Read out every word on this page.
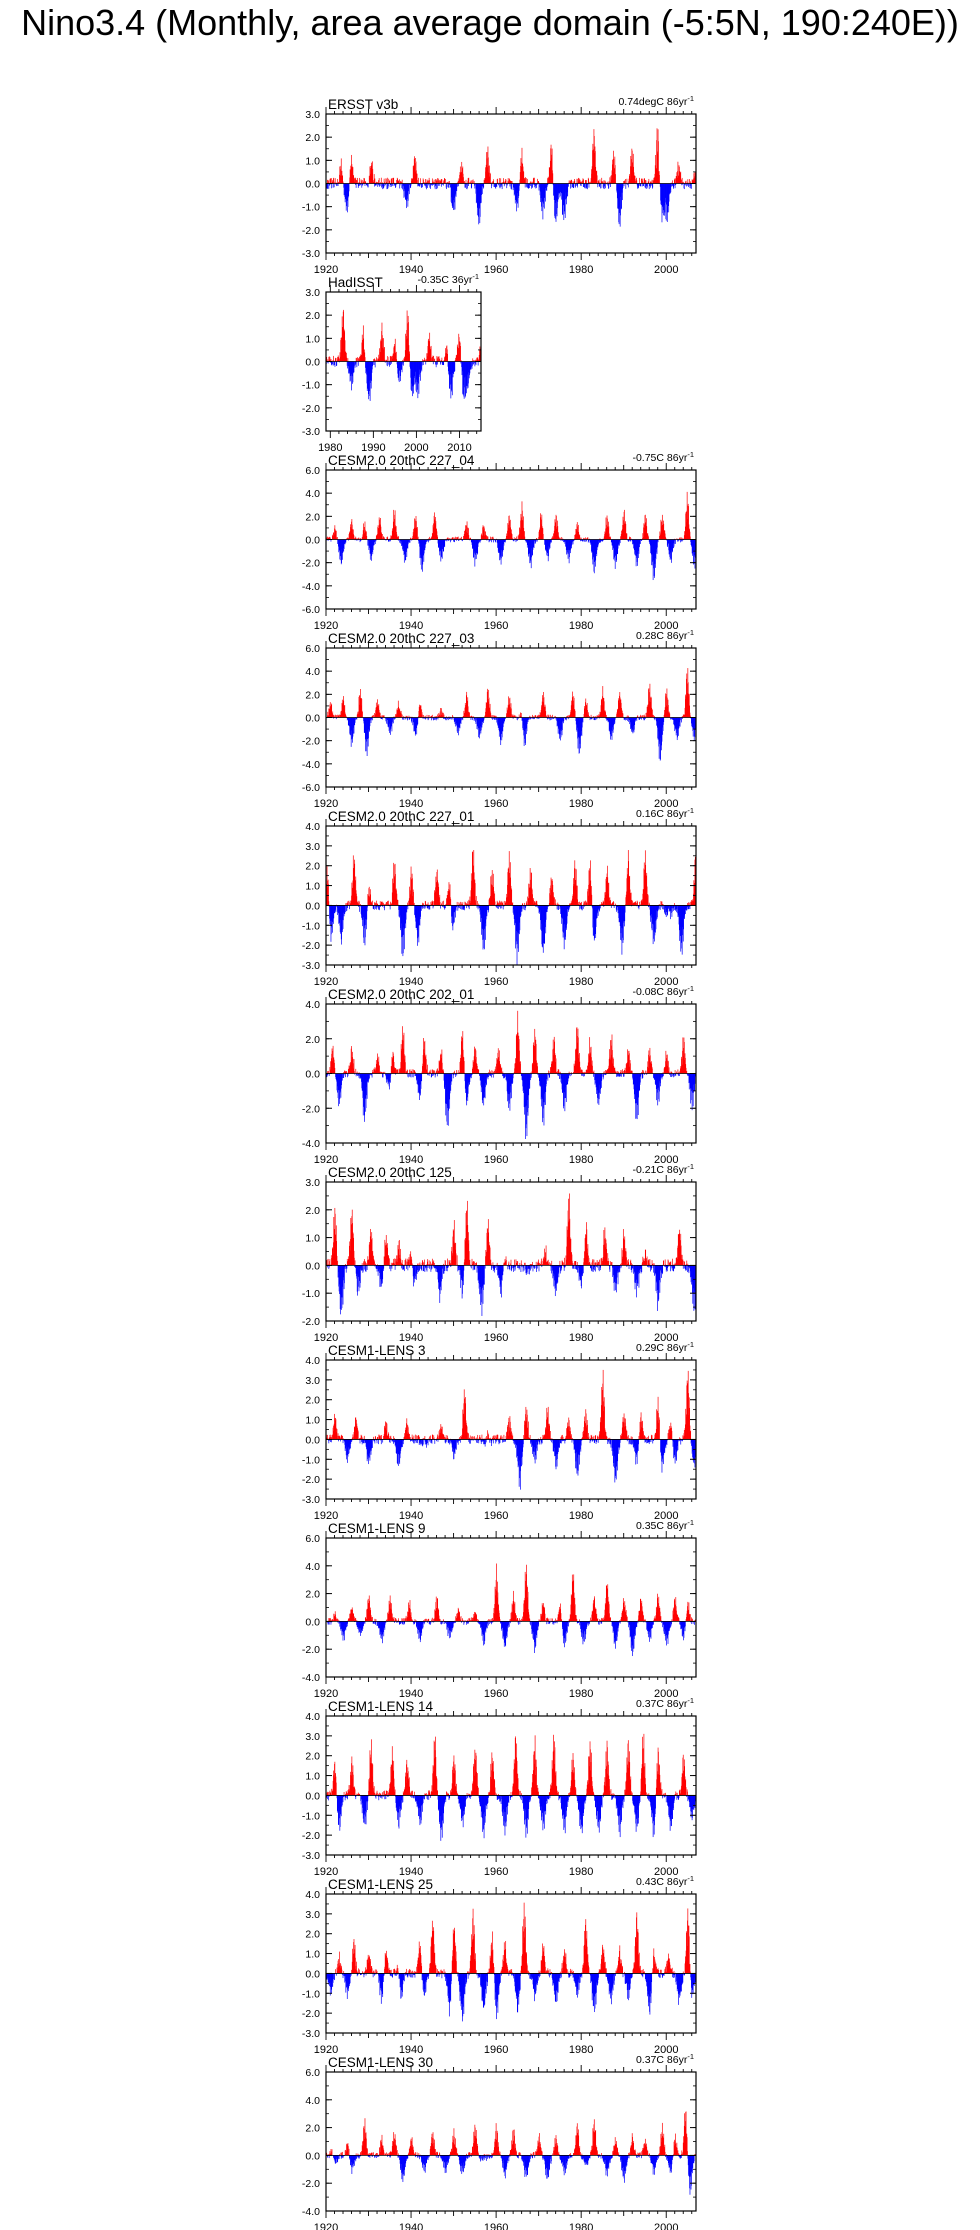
Nino3.4 (Monthly, area average domain (-5:5N, 190:240E))
3.0
2.0
1.0
0.0
-1.0
-2.0
-3.0
1920	1940	1960	1980	2000
ERSST v3b	0.74degC $86yr^{-1}$
3.0
2.0
1.0
0.0
-1.0
-2.0
-3.0
1980 1990 2000 2010
HadISST	-0.35C $36yr^{-1}$
6.0
4.0
2.0
0.0
-2.0
-4.0
-6.0
1920	1940	1960	1980	2000
CESM2.0 20thC 227_04	-0.75C $86yr^{-1}$
6.0
4.0
2.0
0.0
-2.0
-4.0
-6.0
1920	1940	1960	1980	2000
CESM2.0 20thC 227_03	0.28C $86yr^{-1}$
4.0
3.0
2.0
1.0
0.0
-1.0
-2.0
-3.0
1920	1940	1960	1980	2000
CESM2.0 20thC 227_01	0.16C $86yr^{-1}$
4.0
2.0
0.0
-2.0
-4.0
1920	1940	1960	1980	2000
CESM2.0 20thC 202_01	-0.08C $86yr^{-1}$
3.0
2.0
1.0
0.0
-1.0
-2.0
1920	1940	1960	1980	2000
CESM2.0 20thC 125	-0.21C $86yr^{-1}$
4.0
3.0
2.0
1.0
0.0
-1.0
-2.0
-3.0
1920	1940	1960	1980	2000
CESM1-LENS 3	0.29C $86yr^{-1}$
6.0
4.0
2.0
0.0
-2.0
-4.0
1920	1940	1960	1980	2000
CESM1-LENS 9	0.35C $86yr^{-1}$
4.0
3.0
2.0
1.0
0.0
-1.0
-2.0
-3.0
1920	1940	1960	1980	2000
CESM1-LENS 14	0.37C $86yr^{-1}$
4.0
3.0
2.0
1.0
0.0
-1.0
-2.0
-3.0
1920	1940	1960	1980	2000
CESM1-LENS 25	0.43C $86yr^{-1}$
6.0
4.0
2.0
0.0
-2.0
-4.0
1920	1940	1960	1980	2000
CESM1-LENS 30	0.37C $86yr^{-1}$
